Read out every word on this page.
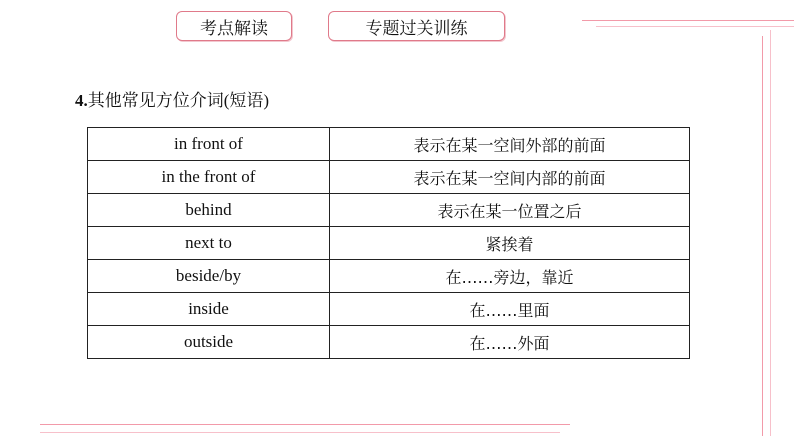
考点解读	专题过关训练
4.其他常见方位介词(短语)
in front of	表示在某一空间外部的前面
in the front of	表示在某一空间内部的前面
behind	表示在某一位置之后
next to	紧挨着
beside/by	在……旁边，靠近
inside	在……里面
outside	在……外面
